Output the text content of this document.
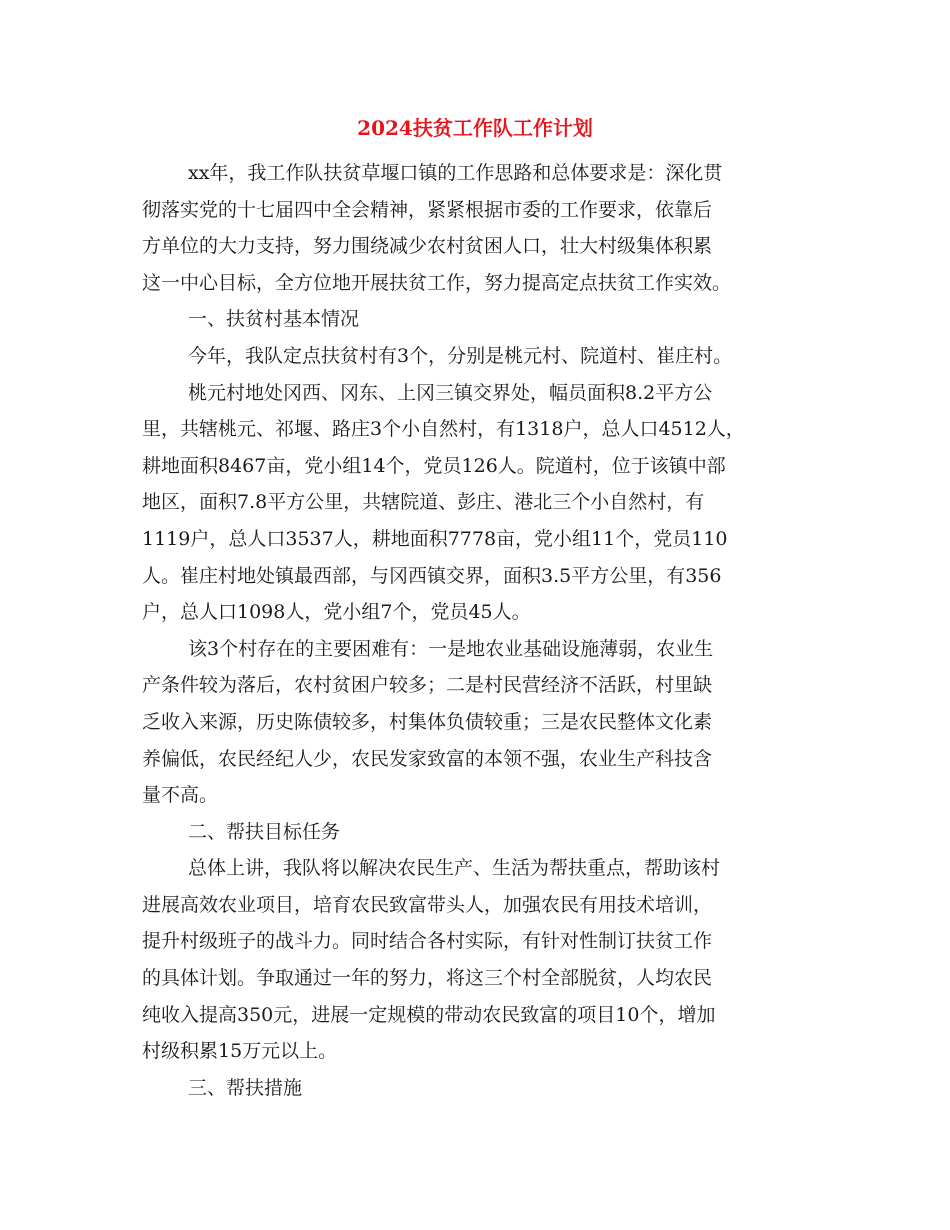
2024扶贫工作队工作计划
xx年，我工作队扶贫草堰口镇的工作思路和总体要求是：深化贯
彻落实党的十七届四中全会精神，紧紧根据市委的工作要求，依靠后
方单位的大力支持，努力围绕减少农村贫困人口，壮大村级集体积累
这一中心目标，全方位地开展扶贫工作，努力提高定点扶贫工作实效。
一、扶贫村基本情况
今年，我队定点扶贫村有3个，分别是桃元村、院道村、崔庄村。
桃元村地处冈西、冈东、上冈三镇交界处，幅员面积8.2平方公
里，共辖桃元、祁堰、路庄3个小自然村，有1318户，总人口4512人，
耕地面积8467亩，党小组14个，党员126人。院道村，位于该镇中部
地区，面积7.8平方公里，共辖院道、彭庄、港北三个小自然村，有
1119户，总人口3537人，耕地面积7778亩，党小组11个，党员110
人。崔庄村地处镇最西部，与冈西镇交界，面积3.5平方公里，有356
户，总人口1098人，党小组7个，党员45人。
该3个村存在的主要困难有：一是地农业基础设施薄弱，农业生
产条件较为落后，农村贫困户较多；二是村民营经济不活跃，村里缺
乏收入来源，历史陈债较多，村集体负债较重；三是农民整体文化素
养偏低，农民经纪人少，农民发家致富的本领不强，农业生产科技含
量不高。
二、帮扶目标任务
总体上讲，我队将以解决农民生产、生活为帮扶重点，帮助该村
进展高效农业项目，培育农民致富带头人，加强农民有用技术培训，
提升村级班子的战斗力。同时结合各村实际，有针对性制订扶贫工作
的具体计划。争取通过一年的努力，将这三个村全部脱贫，人均农民
纯收入提高350元，进展一定规模的带动农民致富的项目10个，增加
村级积累15万元以上。
三、帮扶措施
